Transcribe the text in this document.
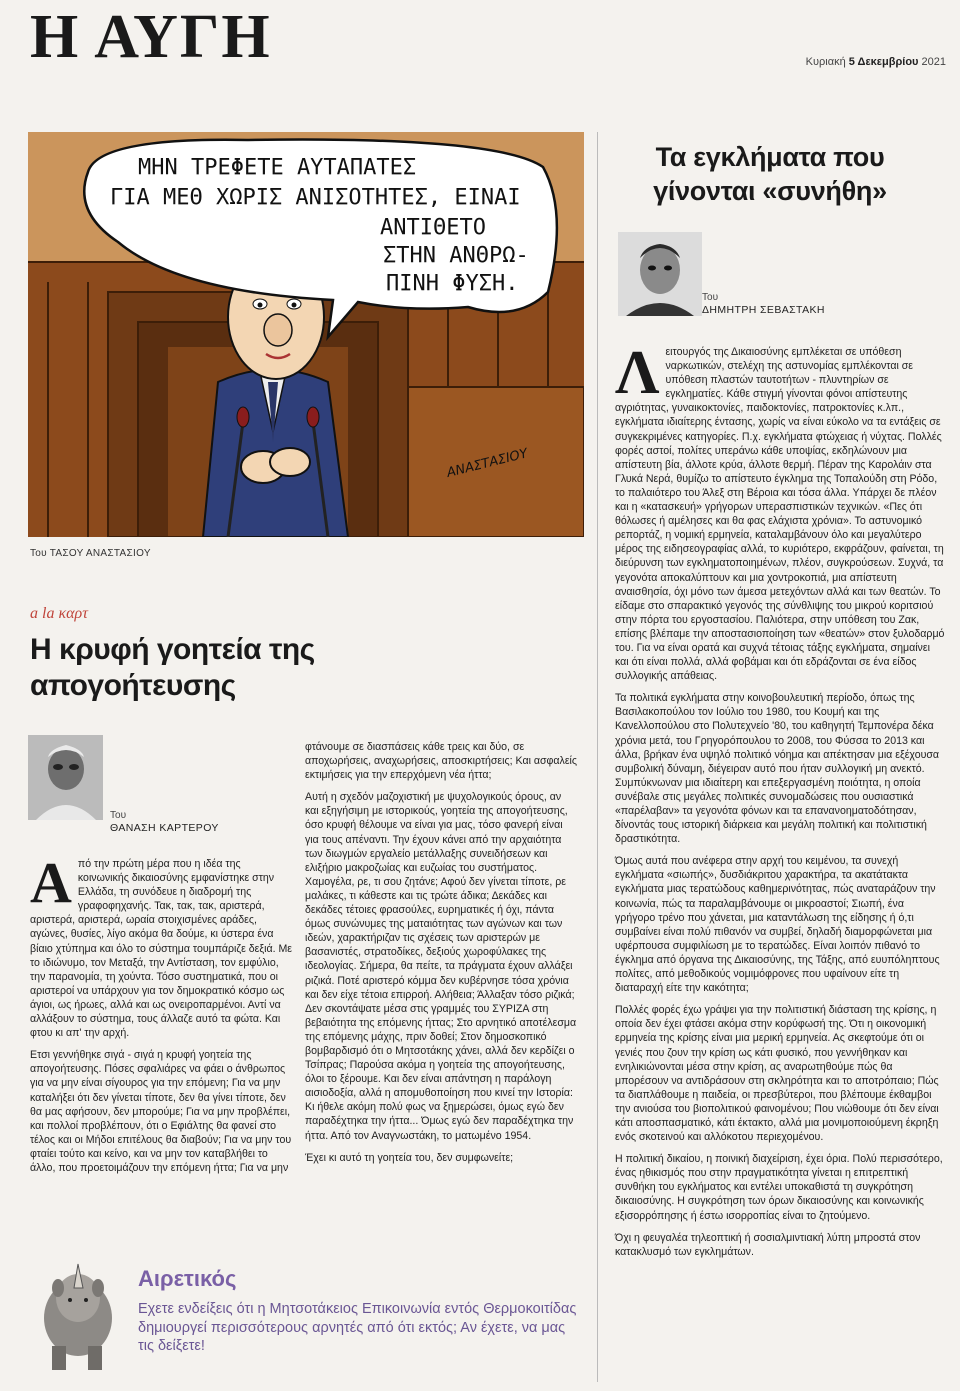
Η ΑΥΓΗ	Κυριακή 5 Δεκεμβρίου 2021
ΜΗΝ ΤΡΕΦΕΤΕ ΑΥΤΑΠΑΤΕΣ
ΓΙΑ ΜΕΘ ΧΩΡΙΣ ΑΝΙΣΟΤΗΤΕΣ, ΕΙΝΑΙ
ΑΝΤΙΘΕΤΟ
ΣΤΗΝ ΑΝΘΡΩ-
ΠΙΝΗ ΦΥΣΗ.
ΑΝΑΣΤΑΣΙΟΥ
Του ΤΑΣΟΥ ΑΝΑΣΤΑΣΙΟΥ
a la καρτ
Η κρυφή γοητεία της απογοήτευσης
Του
ΘΑΝΑΣΗ ΚΑΡΤΕΡΟΥ

Από την πρώτη μέρα που η ιδέα της κοινωνικής δικαιοσύνης εμφανίστηκε στην Ελλάδα, τη συνόδευε η διαδρομή της γραφοφηχανής. Τακ, τακ, τακ, αριστερά, αριστερά, αριστερά, ωραία στοιχισμένες αράδες, αγώνες, θυσίες, λίγο ακόμα θα δούμε, κι ύστερα ένα βίαιο χτύπημα και όλο το σύστημα τουμπάριζε δεξιά. Με το ιδιώνυμο, τον Μεταξά, την Αντίσταση, τον εμφύλιο, την παρανομία, τη χούντα. Τόσο συστηματικά, που οι αριστεροί να υπάρχουν για τον δημοκρατικό κόσμο ως άγιοι, ως ήρωες, αλλά και ως ονειροπαρμένοι. Αντί να αλλάξουν το σύστημα, τους άλλαζε αυτό τα φώτα. Και φτου κι απ' την αρχή.

Ετσι γεννήθηκε σιγά - σιγά η κρυφή γοητεία της απογοήτευσης. Πόσες σφαλιάρες να φάει ο άνθρωπος για να μην είναι σίγουρος για την επόμενη; Για να μην καταλήξει ότι δεν γίνεται τίποτε, δεν θα γίνει τίποτε, δεν θα μας αφήσουν, δεν μπορούμε; Για να μην προβλέπει, και πολλοί προβλέπουν, ότι ο Εφιάλτης θα φανεί στο τέλος και οι Μήδοι επιτέλους θα διαβούν; Για να μην του φταίει τούτο και κείνο, και να μην τον καταβλήθει το άλλο, που προετοιμάζουν την επόμενη ήττα; Για να μην

φτάνουμε σε διασπάσεις κάθε τρεις και δύο, σε αποχωρήσεις, αναχωρήσεις, αποσκιρτήσεις; Και ασφαλείς εκτιμήσεις για την επερχόμενη νέα ήττα;

Αυτή η σχεδόν μαζοχιστική με ψυχολογικούς όρους, αν και εξηγήσιμη με ιστορικούς, γοητεία της απογοήτευσης, όσο κρυφή θέλουμε να είναι για μας, τόσο φανερή είναι για τους απέναντι. Την έχουν κάνει από την αρχαιότητα των διωγμών εργαλείο μετάλλαξης συνειδήσεων και ελιξήριο μακροζωίας και ευζωίας του συστήματος. Χαμογέλα, ρε, τι σου ζητάνε; Αφού δεν γίνεται τίποτε, ρε μαλάκες, τι κάθεστε και τις τρώτε άδικα; Δεκάδες και δεκάδες τέτοιες φρασούλες, ευρηματικές ή όχι, πάντα όμως συνώνυμες της ματαιότητας των αγώνων και των ιδεών, χαρακτήριζαν τις σχέσεις των αριστερών με βασανιστές, στρατοδίκες, δεξιούς χωροφύλακες της ιδεολογίας. Σήμερα, θα πείτε, τα πράγματα έχουν αλλάξει ριζικά. Ποτέ αριστερό κόμμα δεν κυβέρνησε τόσα χρόνια και δεν είχε τέτοια επιρροή. Αλήθεια; Άλλαξαν τόσο ριζικά; Δεν σκοντάψατε μέσα στις γραμμές του ΣΥΡΙΖΑ στη βεβαιότητα της επόμενης ήττας; Στο αρνητικό αποτέλεσμα της επόμενης μάχης, πριν δοθεί; Στον δημοσκοπικό βομβαρδισμό ότι ο Μητσοτάκης χάνει, αλλά δεν κερδίζει ο Τσίπρας; Παρούσα ακόμα η γοητεία της απογοήτευσης, όλοι το ξέρουμε. Και δεν είναι απάντηση η παράλογη αισιοδοξία, αλλά η απομυθοποίηση που κινεί την Ιστορία: Κι ήθελε ακόμη πολύ φως να ξημερώσει, όμως εγώ δεν παραδέχτηκα την ήττα... Όμως εγώ δεν παραδέχτηκα την ήττα. Από τον Αναγνωστάκη, το ματωμένο 1954.

Έχει κι αυτό τη γοητεία του, δεν συμφωνείτε;

Τα εγκλήματα που γίνονται «συνήθη»
Του
ΔΗΜΗΤΡΗ ΣΕΒΑΣΤΑΚΗ

Λειτουργός της Δικαιοσύνης εμπλέκεται σε υπόθεση ναρκωτικών, στελέχη της αστυνομίας εμπλέκονται σε υπόθεση πλαστών ταυτοτήτων - πλυντηρίων σε εγκληματίες. Κάθε στιγμή γίνονται φόνοι απίστευτης αγριότητας, γυναικοκτονίες, παιδοκτονίες, πατροκτονίες κ.λπ., εγκλήματα ιδιαίτερης έντασης, χωρίς να είναι εύκολο να τα εντάξεις σε συγκεκριμένες κατηγορίες. Π.χ. εγκλήματα φτώχειας ή νύχτας. Πολλές φορές αστοί, πολίτες υπεράνω κάθε υποψίας, εκδηλώνουν μια απίστευτη βία, άλλοτε κρύα, άλλοτε θερμή. Πέραν της Καρολάιν στα Γλυκά Νερά, θυμίζω το απίστευτο έγκλημα της Τοπαλούδη στη Ρόδο, το παλαιότερο του Άλεξ στη Βέροια και τόσα άλλα. Υπάρχει δε πλέον και η «κατασκευή» γρήγορων υπερασπιστικών τεχνικών. «Πες ότι θόλωσες ή αμέλησες και θα φας ελάχιστα χρόνια». Το αστυνομικό ρεπορτάζ, η νομική ερμηνεία, καταλαμβάνουν όλο και μεγαλύτερο μέρος της ειδησεογραφίας αλλά, το κυριότερο, εκφράζουν, φαίνεται, τη διεύρυνση των εγκληματοποιημένων, πλέον, συγκρούσεων. Συχνά, τα γεγονότα αποκαλύπτουν και μια χοντροκοπιά, μια απίστευτη αναισθησία, όχι μόνο των άμεσα μετεχόντων αλλά και των θεατών. Το είδαμε στο σπαρακτικό γεγονός της σύνθλιψης του μικρού κοριτσιού στην πόρτα του εργοστασίου. Παλιότερα, στην υπόθεση του Ζακ, επίσης βλέπαμε την αποστασιοποίηση των «θεατών» στον ξυλοδαρμό του. Για να είναι ορατά και συχνά τέτοιας τάξης εγκλήματα, σημαίνει και ότι είναι πολλά, αλλά φοβάμαι και ότι εδράζονται σε ένα είδος συλλογικής απάθειας.

Τα πολιτικά εγκλήματα στην κοινοβουλευτική περίοδο, όπως της Βασιλακοπούλου τον Ιούλιο του 1980, του Κουμή και της Κανελλοπούλου στο Πολυτεχνείο '80, του καθηγητή Τεμπονέρα δέκα χρόνια μετά, του Γρηγορόπουλου το 2008, του Φύσσα το 2013 και άλλα, βρήκαν ένα υψηλό πολιτικό νόημα και απέκτησαν μια εξέχουσα συμβολική δύναμη, διέγειραν αυτό που ήταν συλλογική μη ανεκτό. Συμπύκνωναν μια ιδιαίτερη και επεξεργασμένη ποιότητα, η οποία συνέβαλε στις μεγάλες πολιτικές συνομαδώσεις που ουσιαστικά «παρέλαβαν» τα γεγονότα φόνων και τα επανανοηματοδότησαν, δίνοντάς τους ιστορική διάρκεια και μεγάλη πολιτική και πολιτιστική δραστικότητα.

Όμως αυτά που ανέφερα στην αρχή του κειμένου, τα συνεχή εγκλήματα «σιωπής», δυσδιάκριτου χαρακτήρα, τα ακατάτακτα εγκλήματα μιας τερατώδους καθημερινότητας, πώς αναταράζουν την κοινωνία, πώς τα παραλαμβάνουμε οι μικροαστοί; Σιωπή, ένα γρήγορο τρένο που χάνεται, μια καταντάλωση της είδησης ή ό,τι συμβαίνει είναι πολύ πιθανόν να συμβεί, δηλαδή διαμορφώνεται μια υφέρπουσα συμφιλίωση με το τερατώδες. Είναι λοιπόν πιθανό το έγκλημα από όργανα της Δικαιοσύνης, της Τάξης, από ευυπόληπτους πολίτες, από μεθοδικούς νομιμόφρονες που υφαίνουν είτε τη διαταραχή είτε την κακότητα;

Πολλές φορές έχω γράψει για την πολιτιστική διάσταση της κρίσης, η οποία δεν έχει φτάσει ακόμα στην κορύφωσή της. Ότι η οικονομική ερμηνεία της κρίσης είναι μια μερική ερμηνεία. Ας σκεφτούμε ότι οι γενιές που ζουν την κρίση ως κάτι φυσικό, που γεννήθηκαν και ενηλικιώνονται μέσα στην κρίση, ας αναρωτηθούμε πώς θα μπορέσουν να αντιδράσουν στη σκληρότητα και το αποτρόπαιο; Πώς τα διαπλάθουμε η παιδεία, οι πρεσβύτεροι, που βλέπουμε έκθαμβοι την ανιούσα του βιοπολιτικού φαινομένου; Που νιώθουμε ότι δεν είναι κάτι αποσπασματικό, κάτι έκτακτο, αλλά μια μονιμοποιούμενη έκρηξη ενός σκοτεινού και αλλόκοτου περιεχομένου.

Η πολιτική δικαίου, η ποινική διαχείριση, έχει όρια. Πολύ περισσότερο, ένας ηθικισμός που στην πραγματικότητα γίνεται η επιτρεπτική συνθήκη του εγκλήματος και εντέλει υποκαθιστά τη συγκρότηση δικαιοσύνης. Η συγκρότηση των όρων δικαιοσύνης και κοινωνικής εξισορρόπησης ή έστω ισορροπίας είναι το ζητούμενο.

Όχι η φευγαλέα τηλεοπτική ή σοσιαλμιντιακή λύπη μπροστά στον κατακλυσμό των εγκλημάτων.

Αιρετικός
Εχετε ενδείξεις ότι η Μητσοτάκειος Επικοινωνία εντός Θερμοκοιτίδας δημιουργεί περισσότερους αρνητές από ότι εκτός; Αν έχετε, να μας τις δείξετε!
